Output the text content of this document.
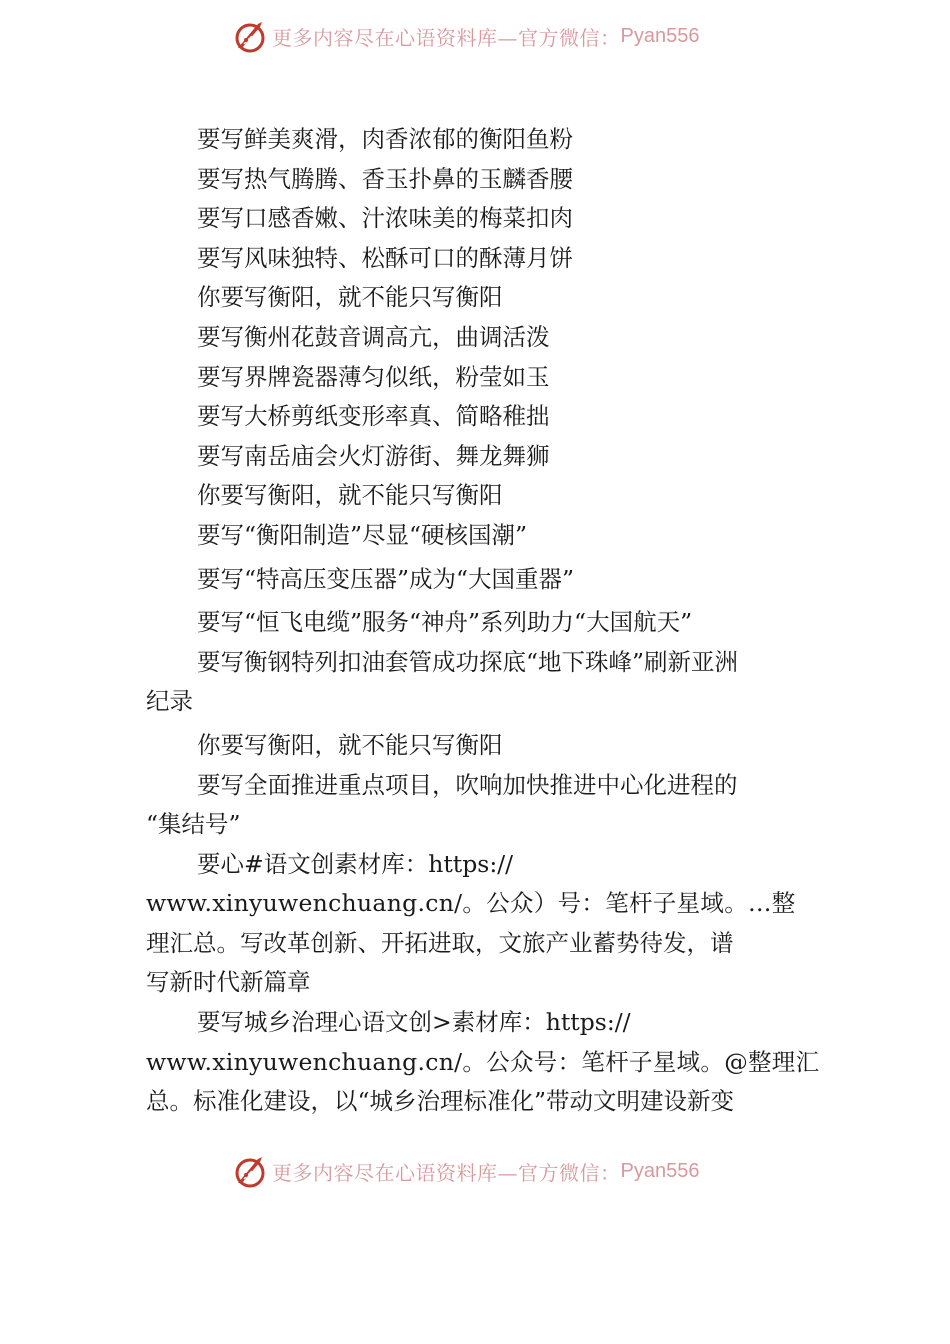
更多内容尽在心语资料库—官方微信： Pyan556
要写鲜美爽滑，肉香浓郁的衡阳鱼粉
要写热气腾腾、香玉扑鼻的玉麟香腰
要写口感香嫩、汁浓味美的梅菜扣肉
要写风味独特、松酥可口的酥薄月饼
你要写衡阳，就不能只写衡阳
要写衡州花鼓音调高亢，曲调活泼
要写界牌瓷器薄匀似纸，粉莹如玉
要写大桥剪纸变形率真、简略稚拙
要写南岳庙会火灯游街、舞龙舞狮
你要写衡阳，就不能只写衡阳
要写“衡阳制造”尽显“硬核国潮”
要写“特高压变压器”成为“大国重器”
要写“恒飞电缆”服务“神舟”系列助力“大国航天”
要写衡钢特列扣油套管成功探底“地下珠峰”刷新亚洲
纪录
你要写衡阳，就不能只写衡阳
要写全面推进重点项目，吹响加快推进中心化进程的
“集结号”
要心#语文创素材库：https://
www.xinyuwenchuang.cn/。公众）号：笔杆子星域。…整
理汇总。写改革创新、开拓进取，文旅产业蓄势待发，谱
写新时代新篇章
要写城乡治理心语文创>素材库：https://
www.xinyuwenchuang.cn/。公众号：笔杆子星域。@整理汇
总。标准化建设，以“城乡治理标准化”带动文明建设新变
更多内容尽在心语资料库—官方微信： Pyan556
